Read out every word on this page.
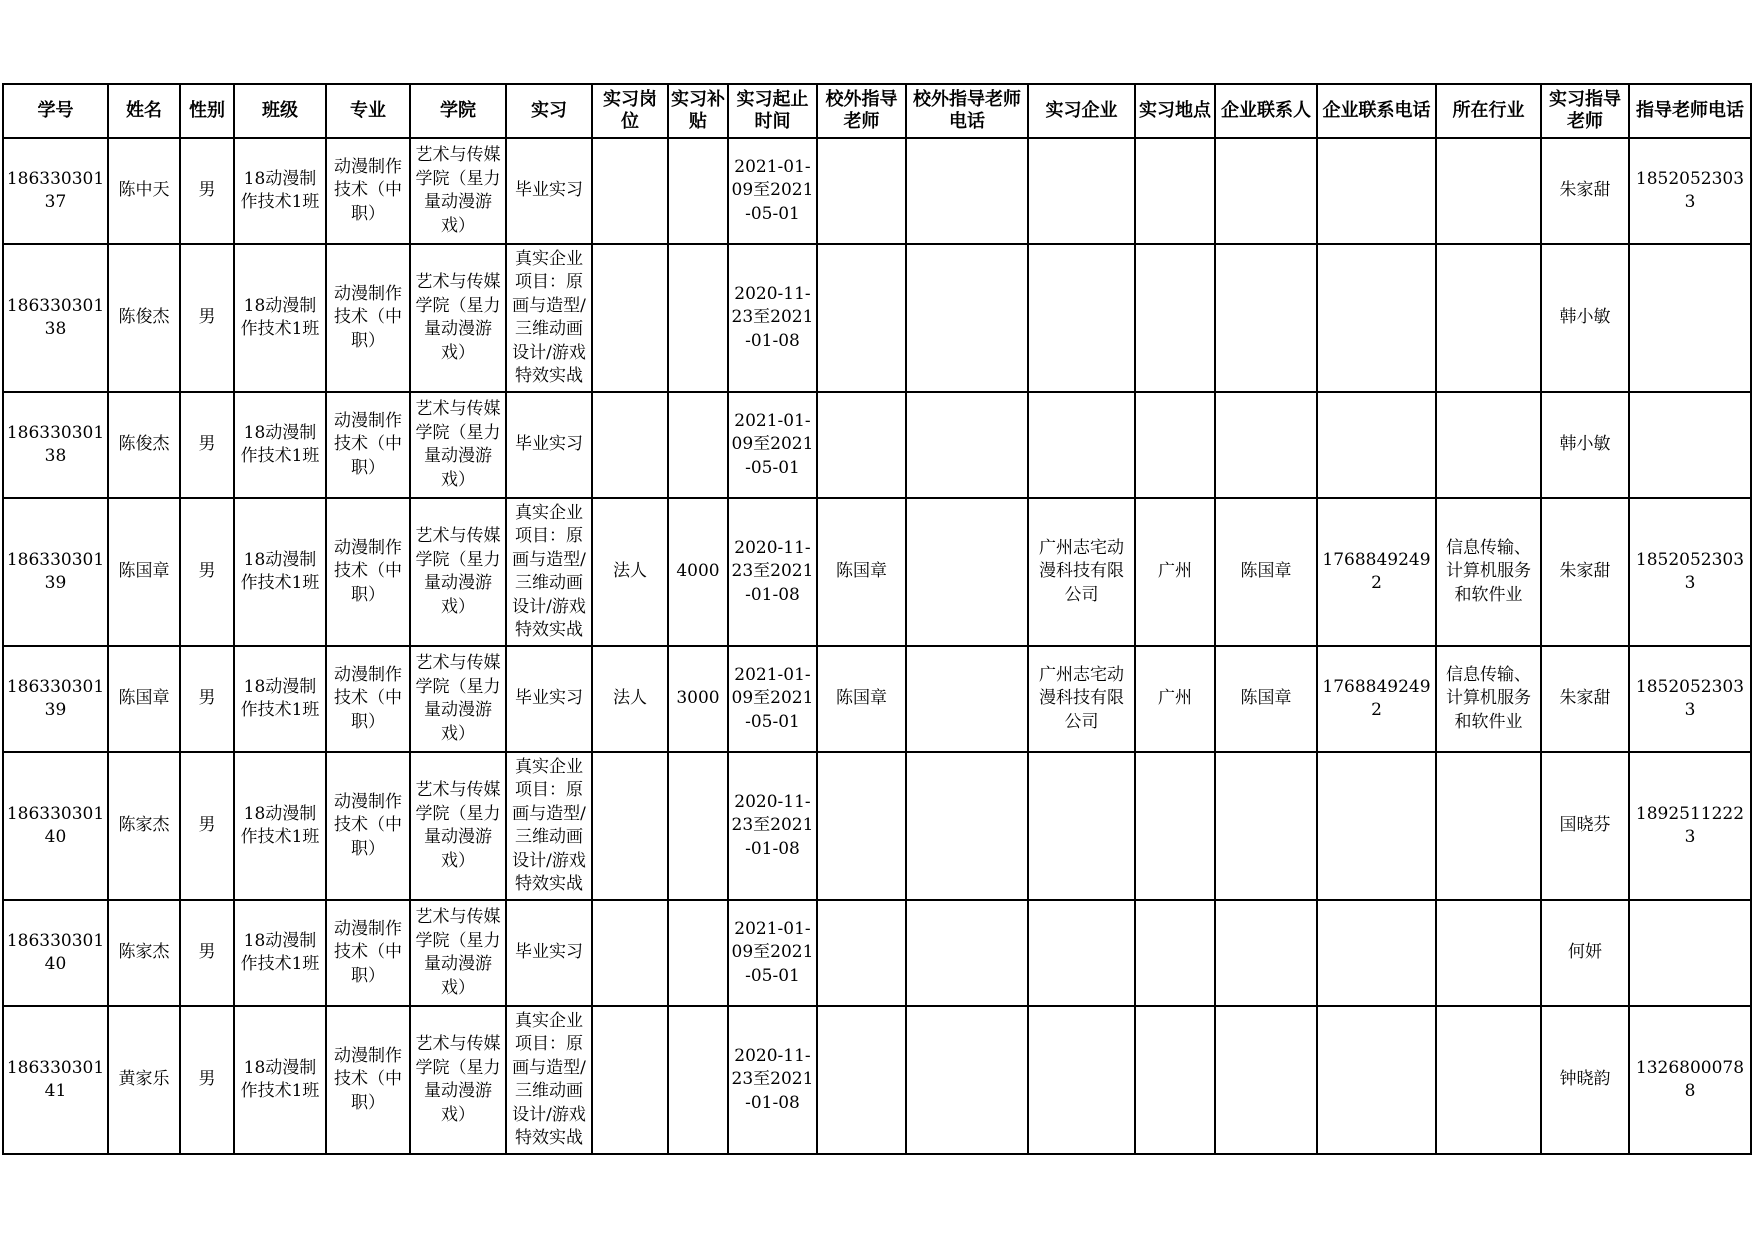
学号	姓名	性别	班级	专业	学院	实习	实习岗位	实习补贴	实习起止时间	校外指导老师	校外指导老师电话	实习企业	实习地点	企业联系人	企业联系电话	所在行业	实习指导老师	指导老师电话

18633030137	陈中天	男	18动漫制作技术1班	动漫制作技术（中职）	艺术与传媒学院（星力量动漫游戏）	毕业实习			2021-01-09至2021-05-01								朱家甜	18520523033

18633030138	陈俊杰	男	18动漫制作技术1班	动漫制作技术（中职）	艺术与传媒学院（星力量动漫游戏）	真实企业项目：原画与造型/三维动画设计/游戏特效实战			2020-11-23至2021-01-08								韩小敏	

18633030138	陈俊杰	男	18动漫制作技术1班	动漫制作技术（中职）	艺术与传媒学院（星力量动漫游戏）	毕业实习			2021-01-09至2021-05-01								韩小敏	

18633030139	陈国章	男	18动漫制作技术1班	动漫制作技术（中职）	艺术与传媒学院（星力量动漫游戏）	真实企业项目：原画与造型/三维动画设计/游戏特效实战	法人	4000	2020-11-23至2021-01-08	陈国章		广州志宅动漫科技有限公司	广州	陈国章	17688492492	信息传输、计算机服务和软件业	朱家甜	18520523033

18633030139	陈国章	男	18动漫制作技术1班	动漫制作技术（中职）	艺术与传媒学院（星力量动漫游戏）	毕业实习	法人	3000	2021-01-09至2021-05-01	陈国章		广州志宅动漫科技有限公司	广州	陈国章	17688492492	信息传输、计算机服务和软件业	朱家甜	18520523033

18633030140	陈家杰	男	18动漫制作技术1班	动漫制作技术（中职）	艺术与传媒学院（星力量动漫游戏）	真实企业项目：原画与造型/三维动画设计/游戏特效实战			2020-11-23至2021-01-08								国晓芬	18925112223

18633030140	陈家杰	男	18动漫制作技术1班	动漫制作技术（中职）	艺术与传媒学院（星力量动漫游戏）	毕业实习			2021-01-09至2021-05-01								何妍	

18633030141	黄家乐	男	18动漫制作技术1班	动漫制作技术（中职）	艺术与传媒学院（星力量动漫游戏）	真实企业项目：原画与造型/三维动画设计/游戏特效实战			2020-11-23至2021-01-08								钟晓韵	13268000788
